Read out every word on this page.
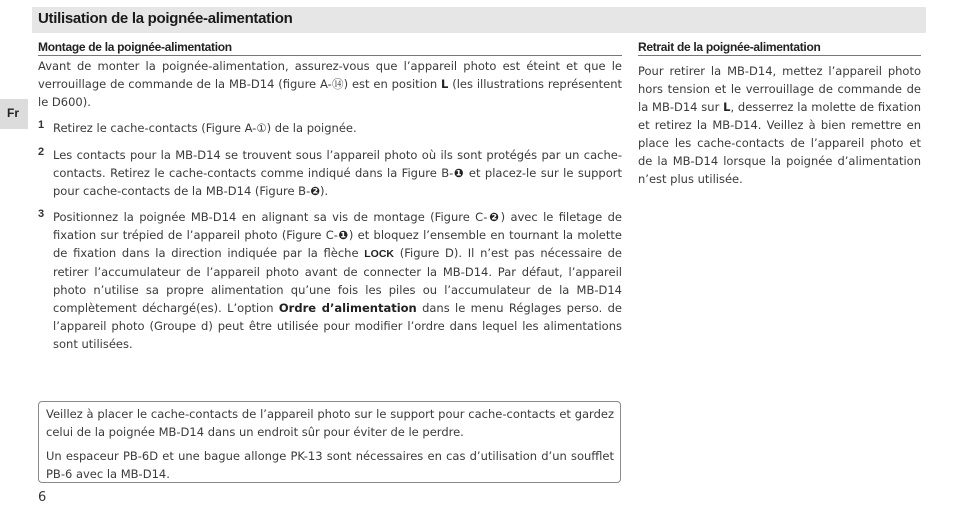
Utilisation de la poignée-alimentation
Fr
Montage de la poignée-alimentation

Avant de monter la poignée-alimentation, assurez-vous que l’appareil photo est éteint et que le verrouillage de commande de la MB-D14 (figure A-⑭) est en position L (les illustrations représentent le D600).

1 Retirez le cache-contacts (Figure A-①) de la poignée.

2 Les contacts pour la MB-D14 se trouvent sous l’appareil photo où ils sont protégés par un cache-contacts. Retirez le cache-contacts comme indiqué dans la Figure B-❶ et placez-le sur le support pour cache-contacts de la MB-D14 (Figure B-❷).

3 Positionnez la poignée MB-D14 en alignant sa vis de montage (Figure C-❷) avec le filetage de fixation sur trépied de l’appareil photo (Figure C-❶) et bloquez l’ensemble en tournant la molette de fixation dans la direction indiquée par la flèche LOCK (Figure D). Il n’est pas nécessaire de retirer l’accumulateur de l’appareil photo avant de connecter la MB-D14. Par défaut, l’appareil photo n’utilise sa propre alimentation qu’une fois les piles ou l’accumulateur de la MB-D14 complètement déchargé(es). L’option Ordre d’alimentation dans le menu Réglages perso. de l’appareil photo (Groupe d) peut être utilisée pour modifier l’ordre dans lequel les alimentations sont utilisées.

Veillez à placer le cache-contacts de l’appareil photo sur le support pour cache-contacts et gardez celui de la poignée MB-D14 dans un endroit sûr pour éviter de le perdre.

Un espaceur PB-6D et une bague allonge PK-13 sont nécessaires en cas d’utilisation d’un soufflet PB-6 avec la MB-D14.

6
Retrait de la poignée-alimentation

Pour retirer la MB-D14, mettez l’appareil photo hors tension et le verrouillage de commande de la MB-D14 sur L, desserrez la molette de fixation et retirez la MB-D14. Veillez à bien remettre en place les cache-contacts de l’appareil photo et de la MB-D14 lorsque la poignée d’alimentation n’est plus utilisée.
